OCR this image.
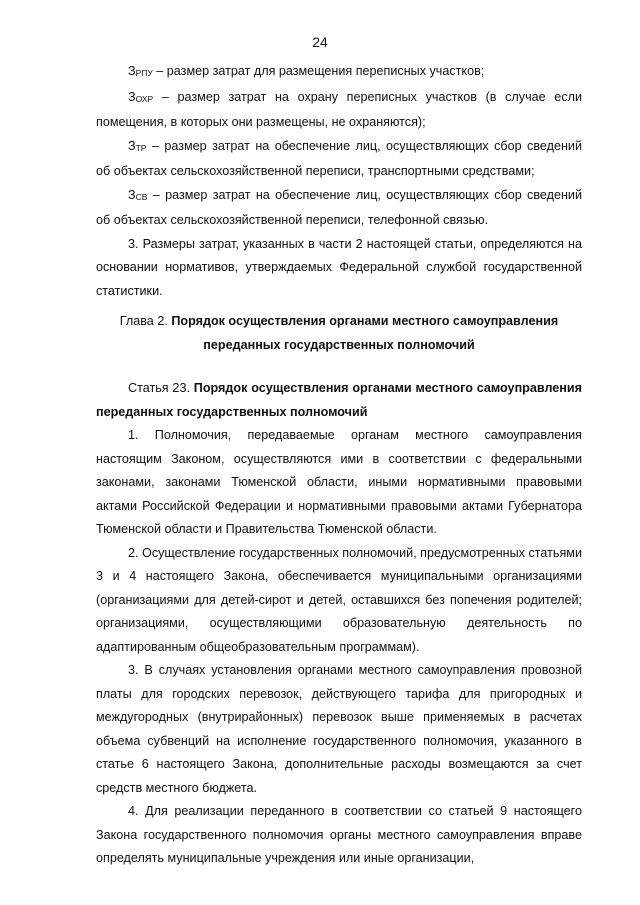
24

ЗРПУ – размер затрат для размещения переписных участков;

ЗОХР – размер затрат на охрану переписных участков (в случае если помещения, в которых они размещены, не охраняются);

ЗТР – размер затрат на обеспечение лиц, осуществляющих сбор сведений об объектах сельскохозяйственной переписи, транспортными средствами;

ЗСВ – размер затрат на обеспечение лиц, осуществляющих сбор сведений об объектах сельскохозяйственной переписи, телефонной связью.

3. Размеры затрат, указанных в части 2 настоящей статьи, определяются на основании нормативов, утверждаемых Федеральной службой государственной статистики.

Глава 2. Порядок осуществления органами местного самоуправления переданных государственных полномочий
Статья 23. Порядок осуществления органами местного самоуправления переданных государственных полномочий

1. Полномочия, передаваемые органам местного самоуправления настоящим Законом, осуществляются ими в соответствии с федеральными законами, законами Тюменской области, иными нормативными правовыми актами Российской Федерации и нормативными правовыми актами Губернатора Тюменской области и Правительства Тюменской области.

2. Осуществление государственных полномочий, предусмотренных статьями 3 и 4 настоящего Закона, обеспечивается муниципальными организациями (организациями для детей-сирот и детей, оставшихся без попечения родителей; организациями, осуществляющими образовательную деятельность по адаптированным общеобразовательным программам).

3. В случаях установления органами местного самоуправления провозной платы для городских перевозок, действующего тарифа для пригородных и междугородных (внутрирайонных) перевозок выше применяемых в расчетах объема субвенций на исполнение государственного полномочия, указанного в статье 6 настоящего Закона, дополнительные расходы возмещаются за счет средств местного бюджета.

4. Для реализации переданного в соответствии со статьей 9 настоящего Закона государственного полномочия органы местного самоуправления вправе определять муниципальные учреждения или иные организации,
